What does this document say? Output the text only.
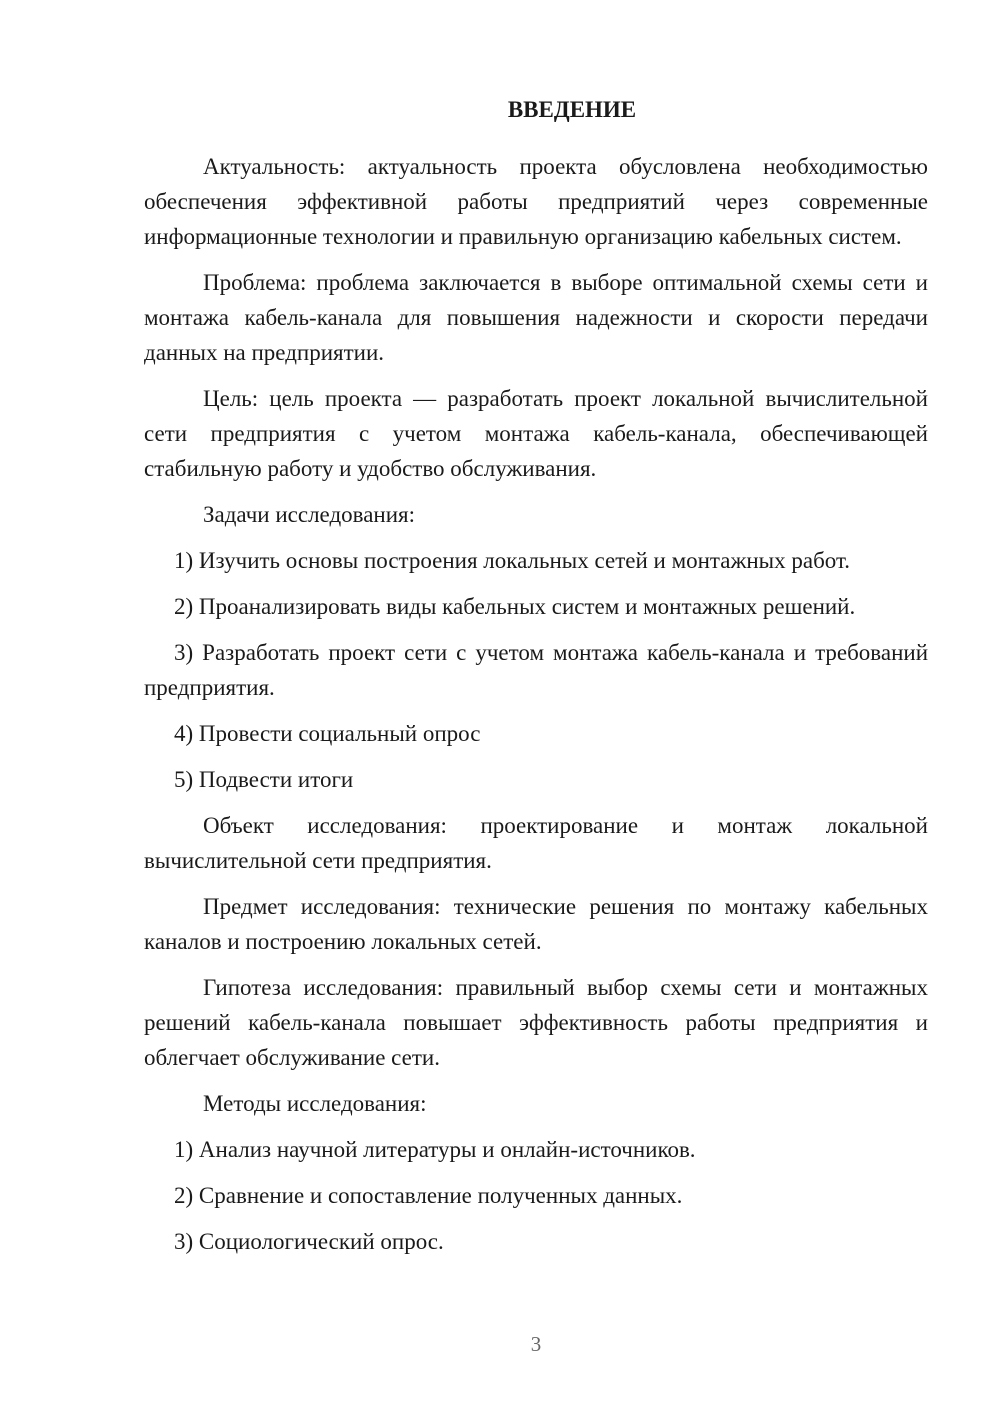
ВВЕДЕНИЕ

Актуальность: актуальность проекта обусловлена необходимостью обеспечения эффективной работы предприятий через современные информационные технологии и правильную организацию кабельных систем.

Проблема: проблема заключается в выборе оптимальной схемы сети и монтажа кабель-канала для повышения надежности и скорости передачи данных на предприятии.

Цель: цель проекта — разработать проект локальной вычислительной сети предприятия с учетом монтажа кабель-канала, обеспечивающей стабильную работу и удобство обслуживания.

Задачи исследования:

1) Изучить основы построения локальных сетей и монтажных работ.

2) Проанализировать виды кабельных систем и монтажных решений.

3) Разработать проект сети с учетом монтажа кабель-канала и требований предприятия.

4) Провести социальный опрос

5) Подвести итоги

Объект исследования: проектирование и монтаж локальной вычислительной сети предприятия.

Предмет исследования: технические решения по монтажу кабельных каналов и построению локальных сетей.

Гипотеза исследования: правильный выбор схемы сети и монтажных решений кабель-канала повышает эффективность работы предприятия и облегчает обслуживание сети.

Методы исследования:

1) Анализ научной литературы и онлайн-источников.

2) Сравнение и сопоставление полученных данных.

3) Социологический опрос.

3
